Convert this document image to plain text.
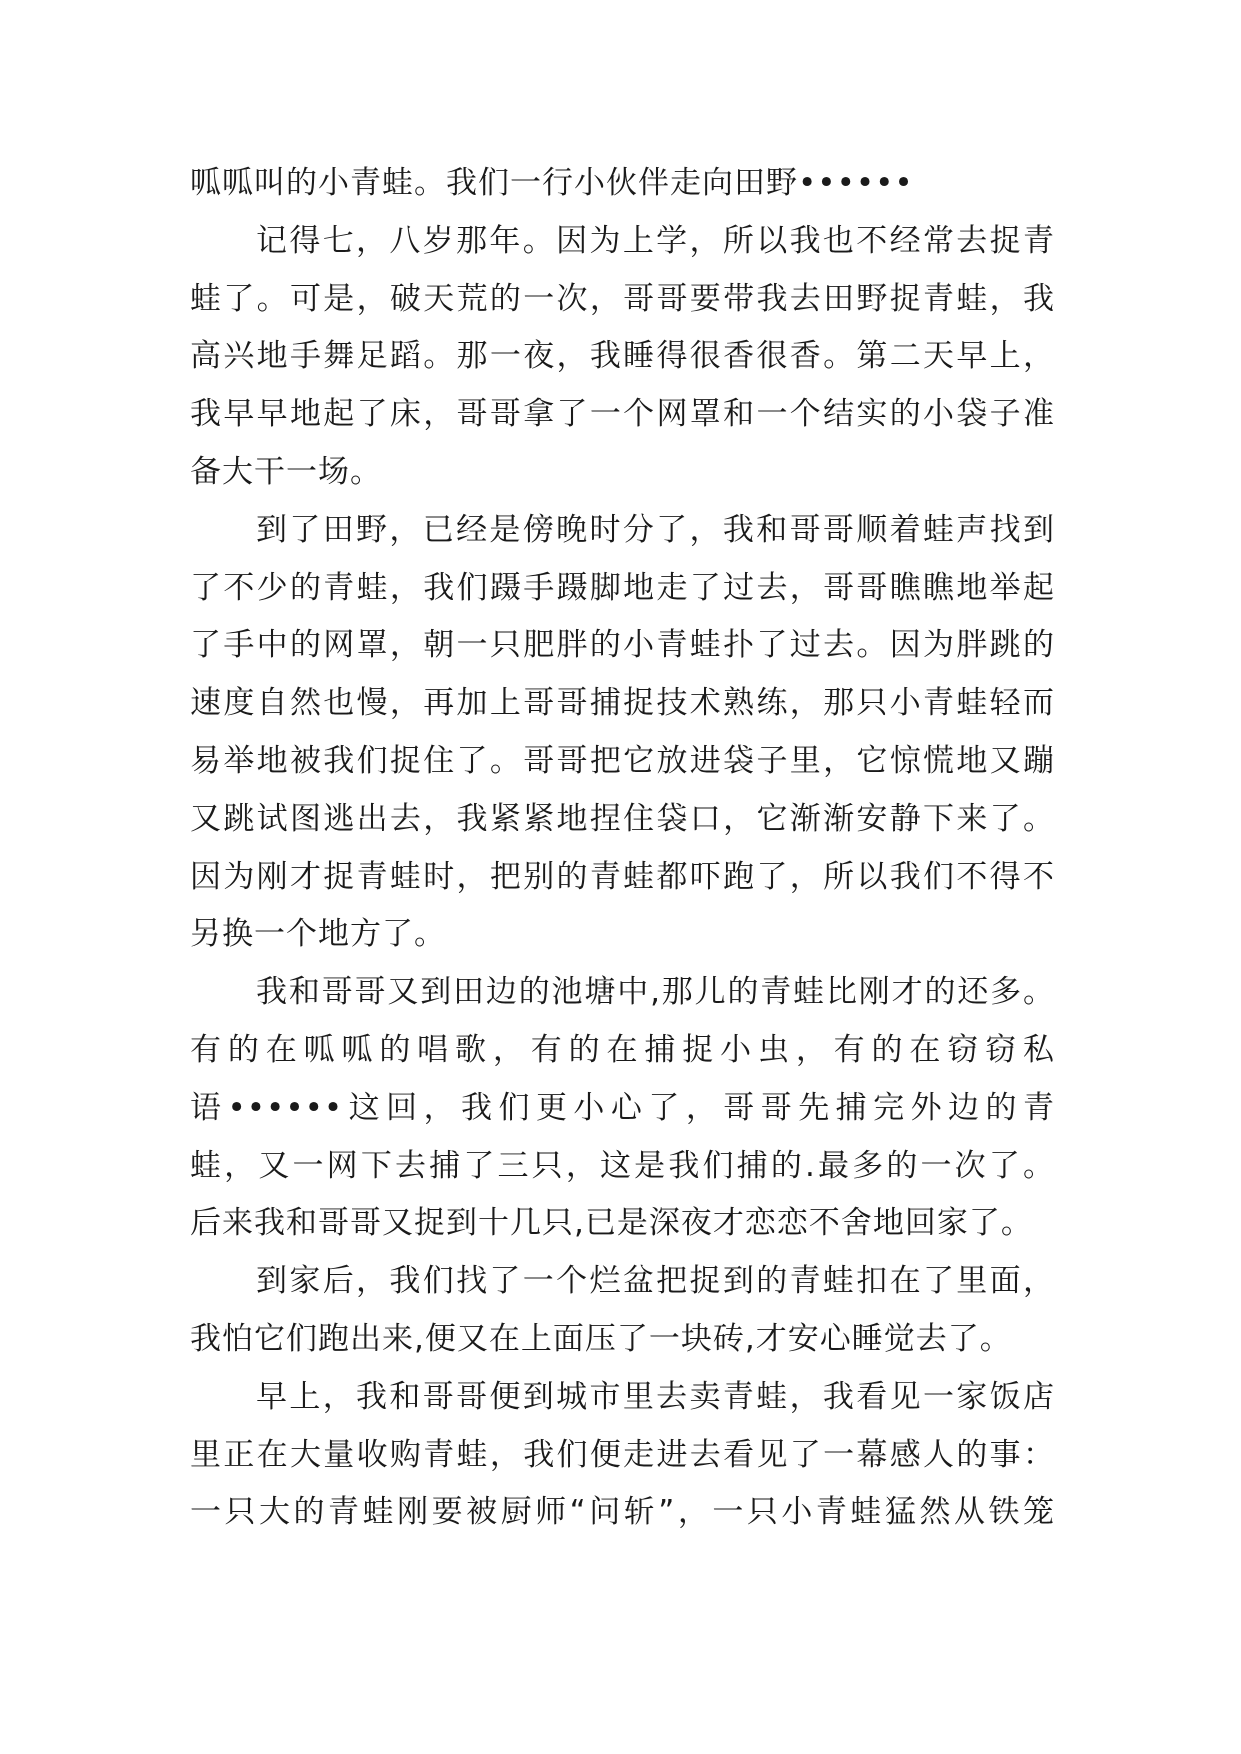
呱呱叫的小青蛙。我们一行小伙伴走向田野••••••
记得七，八岁那年。因为上学，所以我也不经常去捉青
蛙了。可是，破天荒的一次，哥哥要带我去田野捉青蛙，我
高兴地手舞足蹈。那一夜，我睡得很香很香。第二天早上，
我早早地起了床，哥哥拿了一个网罩和一个结实的小袋子准
备大干一场。
到了田野，已经是傍晚时分了，我和哥哥顺着蛙声找到
了不少的青蛙，我们蹑手蹑脚地走了过去，哥哥瞧瞧地举起
了手中的网罩，朝一只肥胖的小青蛙扑了过去。因为胖跳的
速度自然也慢，再加上哥哥捕捉技术熟练，那只小青蛙轻而
易举地被我们捉住了。哥哥把它放进袋子里，它惊慌地又蹦
又跳试图逃出去，我紧紧地捏住袋口，它渐渐安静下来了。
因为刚才捉青蛙时，把别的青蛙都吓跑了，所以我们不得不
另换一个地方了。
我和哥哥又到田边的池塘中,那儿的青蛙比刚才的还多。
有的在呱呱的唱歌，有的在捕捉小虫，有的在窃窃私
语••••••这回，我们更小心了，哥哥先捕完外边的青
蛙，又一网下去捕了三只，这是我们捕的.最多的一次了。
后来我和哥哥又捉到十几只,已是深夜才恋恋不舍地回家了。
到家后，我们找了一个烂盆把捉到的青蛙扣在了里面，
我怕它们跑出来,便又在上面压了一块砖,才安心睡觉去了。
早上，我和哥哥便到城市里去卖青蛙，我看见一家饭店
里正在大量收购青蛙，我们便走进去看见了一幕感人的事：
一只大的青蛙刚要被厨师“问斩”，一只小青蛙猛然从铁笼
